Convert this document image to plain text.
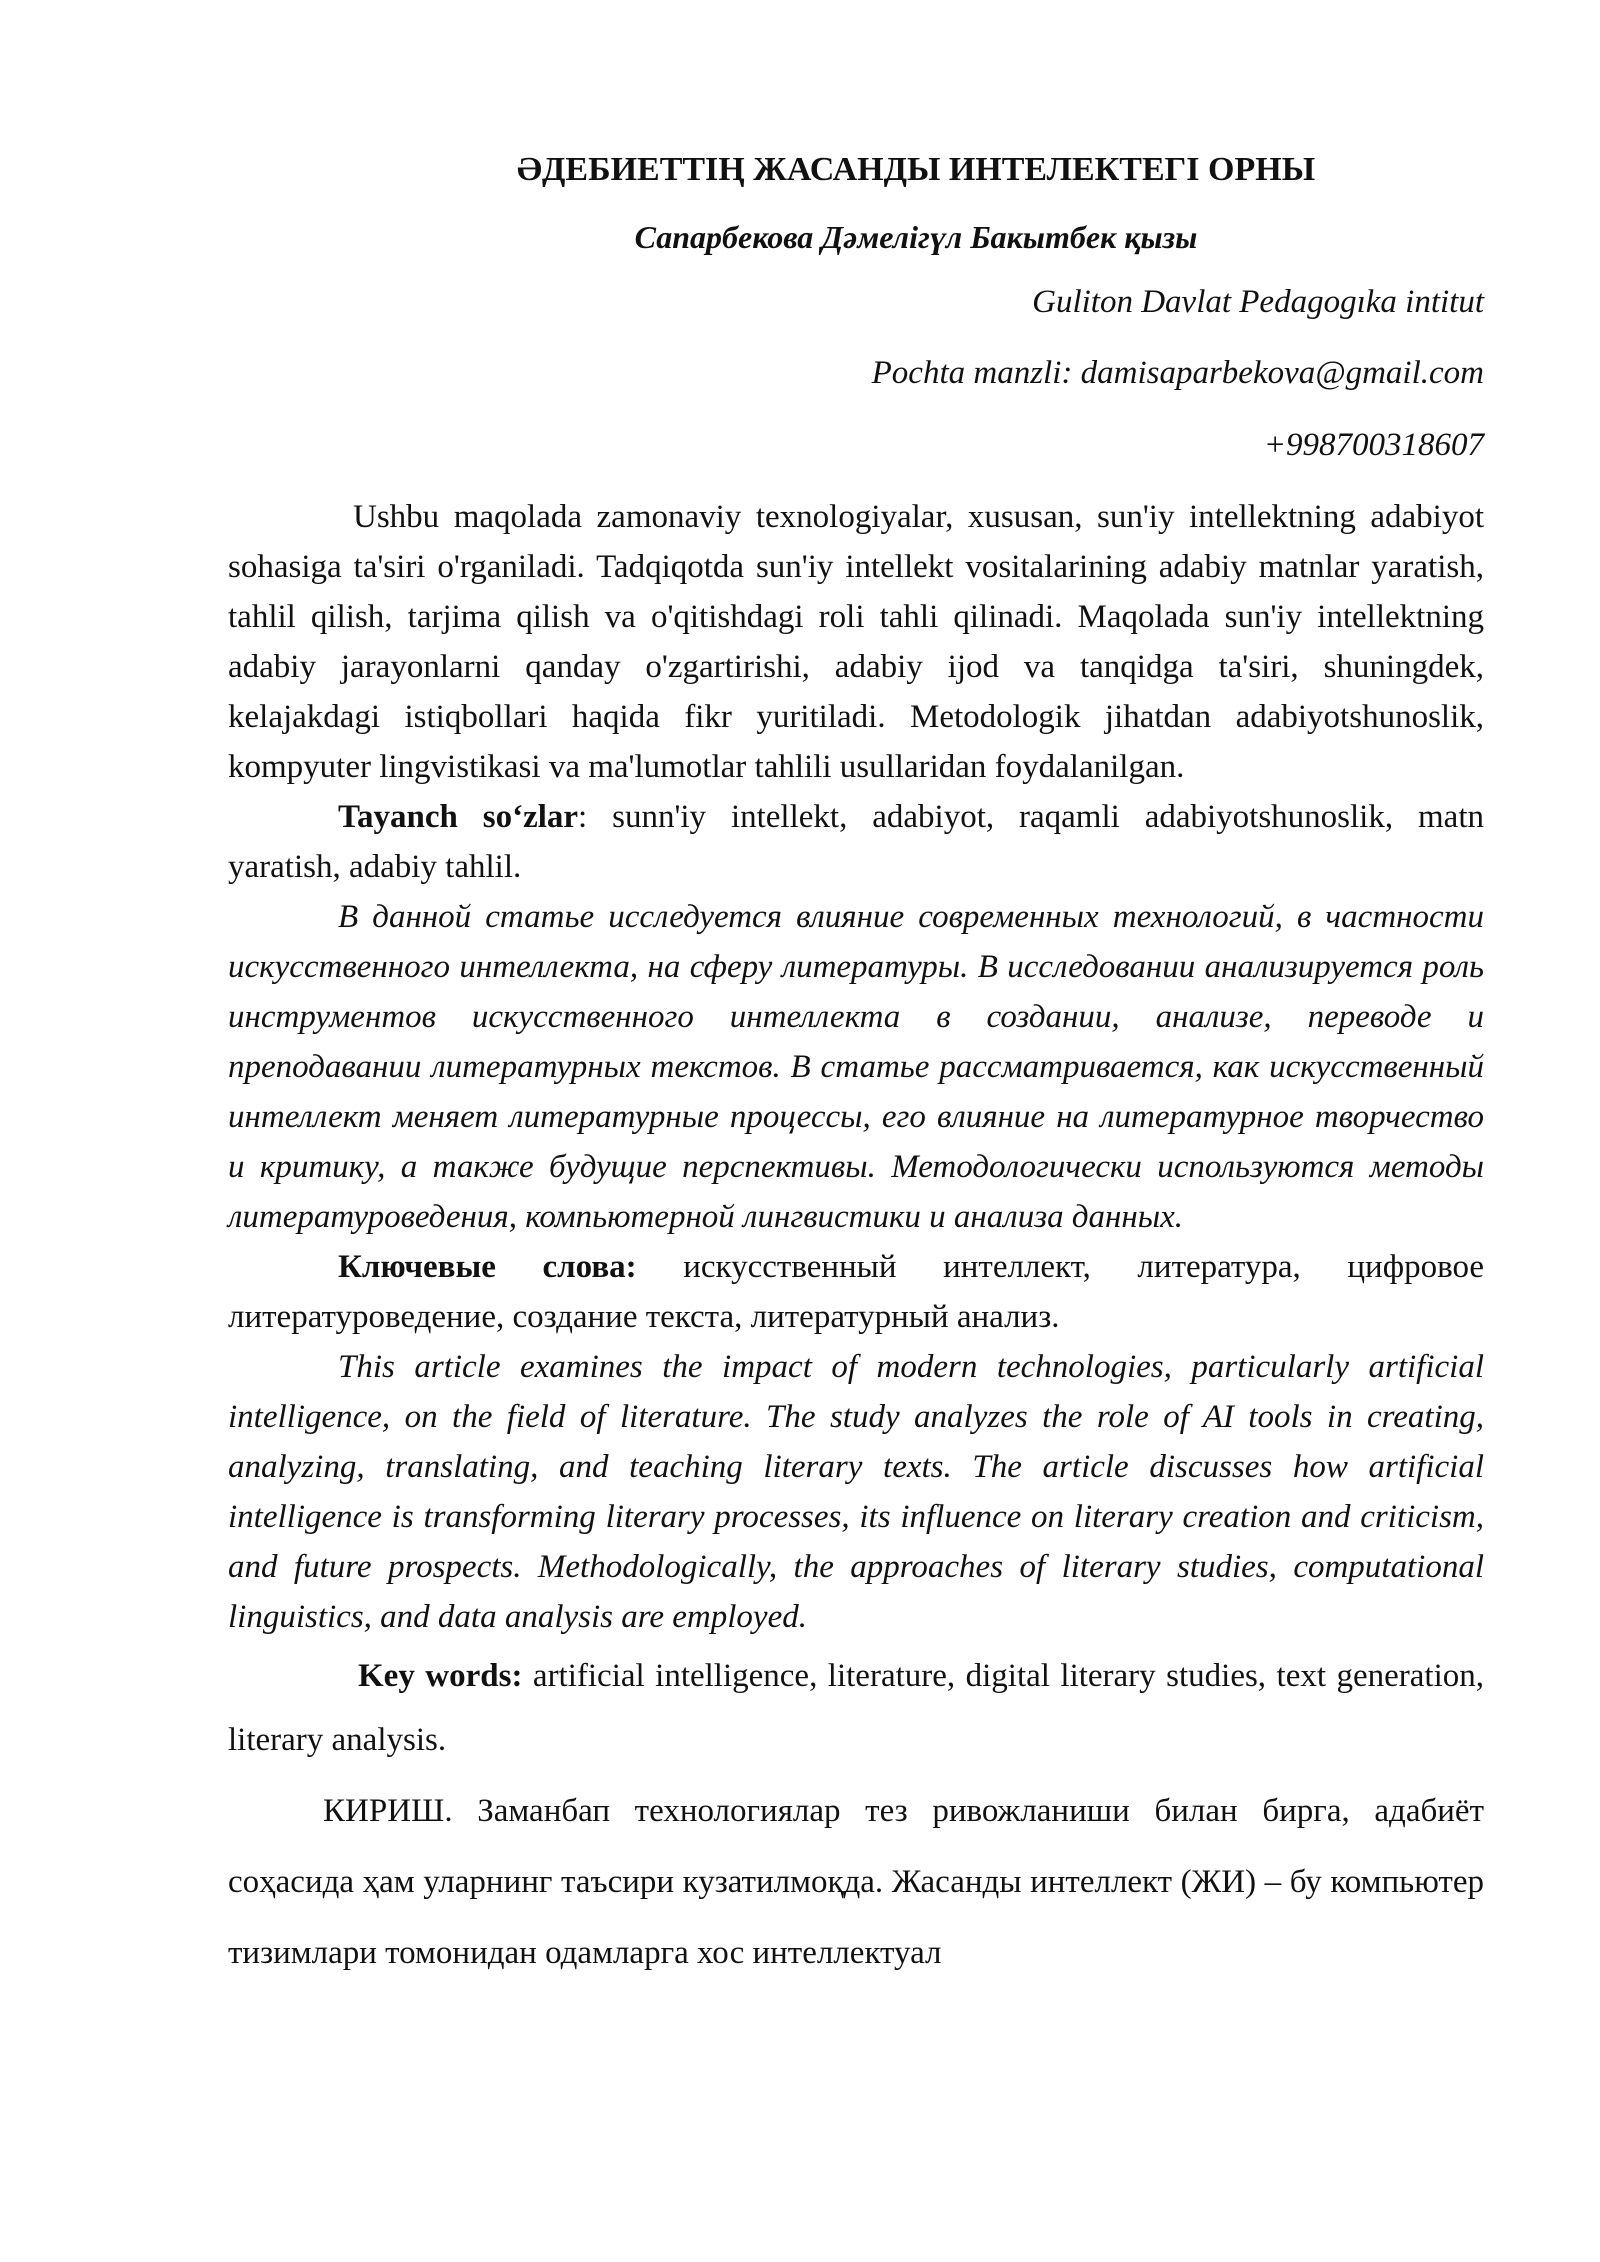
ӘДЕБИЕТТІҢ ЖАСАНДЫ ИНТЕЛЕКТЕГІ ОРНЫ
Сапарбекова Дәмелігүл Бакытбек қызы
Guliton Davlat Pedagogıka intitut
Pochta manzli: damisaparbekova@gmail.com
+998700318607

Ushbu maqolada zamonaviy texnologiyalar, xususan, sun'iy intellektning adabiyot sohasiga ta'siri o'rganiladi. Tadqiqotda sun'iy intellekt vositalarining adabiy matnlar yaratish, tahlil qilish, tarjima qilish va o'qitishdagi roli tahli qilinadi. Maqolada sun'iy intellektning adabiy jarayonlarni qanday o'zgartirishi, adabiy ijod va tanqidga ta'siri, shuningdek, kelajakdagi istiqbollari haqida fikr yuritiladi. Metodologik jihatdan adabiyotshunoslik, kompyuter lingvistikasi va ma'lumotlar tahlili usullaridan foydalanilgan.

Tayanch so‘zlar: sunn'iy intellekt, adabiyot, raqamli adabiyotshunoslik, matn yaratish, adabiy tahlil.

В данной статье исследуется влияние современных технологий, в частности искусственного интеллекта, на сферу литературы. В исследовании анализируется роль инструментов искусственного интеллекта в создании, анализе, переводе и преподавании литературных текстов. В статье рассматривается, как искусственный интеллект меняет литературные процессы, его влияние на литературное творчество и критику, а также будущие перспективы. Методологически используются методы литературоведения, компьютерной лингвистики и анализа данных.

Ключевые слова: искусственный интеллект, литература, цифровое литературоведение, создание текста, литературный анализ.

This article examines the impact of modern technologies, particularly artificial intelligence, on the field of literature. The study analyzes the role of AI tools in creating, analyzing, translating, and teaching literary texts. The article discusses how artificial intelligence is transforming literary processes, its influence on literary creation and criticism, and future prospects. Methodologically, the approaches of literary studies, computational linguistics, and data analysis are employed.

Key words: artificial intelligence, literature, digital literary studies, text generation, literary analysis.

КИРИШ. Заманбап технологиялар тез ривожланиши билан бирга, адабиёт соҳасида ҳам уларнинг таъсири кузатилмоқда. Жасанды интеллект (ЖИ) – бу компьютер тизимлари томонидан одамларга хос интеллектуал
